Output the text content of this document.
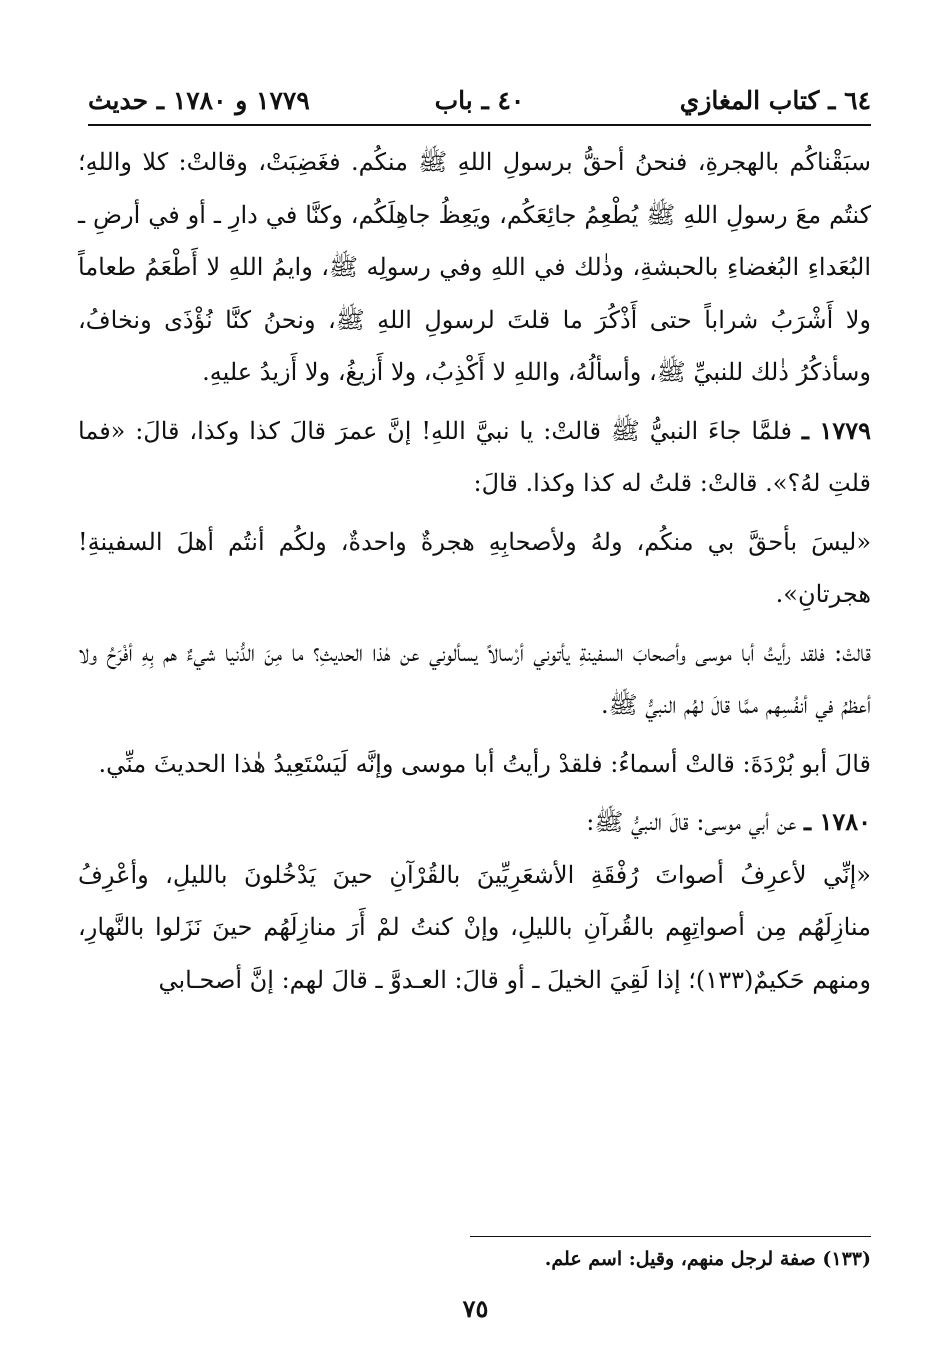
٦٤ ـ كتاب المغازي
٤٠ ـ باب
١٧٧٩ و ١٧٨٠ ـ حديث

سبَقْناكُم بالهجرةِ، فنحنُ أحقُّ برسولِ اللهِ ﷺ منكُم. فغَضِبَتْ، وقالتْ: كلا واللهِ؛ كنتُم معَ رسولِ اللهِ ﷺ يُطْعِمُ جائِعَكُم، ويَعِظُ جاهِلَكُم، وكنَّا في دارِ ـ أو في أرضِ ـ البُعَداءِ البُغضاءِ بالحبشةِ، وذٰلك في اللهِ وفي رسولِه ﷺ، وايمُ اللهِ لا أَطْعَمُ طعاماً ولا أَشْرَبُ شراباً حتى أَذْكُرَ ما قلتَ لرسولِ اللهِ ﷺ، ونحنُ كنَّا نُؤْذَى ونخافُ، وسأذكُرُ ذٰلك للنبيِّ ﷺ، وأسألُهُ، واللهِ لا أَكْذِبُ، ولا أَزيغُ، ولا أَزيدُ عليهِ.

١٧٧٩ ـ فلمَّا جاءَ النبيُّ ﷺ قالتْ: يا نبيَّ اللهِ! إنَّ عمرَ قالَ كذا وكذا، قالَ: «فما قلتِ لهُ؟». قالتْ: قلتُ له كذا وكذا. قالَ:

«ليسَ بأحقَّ بي منكُم، ولهُ ولأصحابِهِ هجرةٌ واحدةٌ، ولكُم أنتُم أهلَ السفينةِ! هجرتانِ».

قالتْ: فلقد رأيتُ أبا موسى وأصحابَ السفينةِ يأتوني أرْسالاً يسألوني عن هٰذا الحديثِ؟ ما مِنَ الدُّنيا شيءٌ هم بِهِ أفْرَحُ ولا أعظمُ في أنفُسِهم ممَّا قالَ لهُم النبيُّ ﷺ.

قالَ أبو بُرْدَةَ: قالتْ أسماءُ: فلقدْ رأيتُ أبا موسى وإنَّه لَيَسْتَعِيدُ هٰذا الحديثَ منِّي.

١٧٨٠ ـ عن أبي موسى: قالَ النبيُّ ﷺ:

«إنِّي لأعرِفُ أصواتَ رُفْقَةِ الأشعَرِيِّينَ بالقُرْآنِ حينَ يَدْخُلونَ بالليلِ، وأعْرِفُ منازِلَهُم مِن أصواتِهِم بالقُرآنِ بالليلِ، وإنْ كنتُ لمْ أَرَ منازِلَهُم حينَ نَزَلوا بالنَّهارِ، ومنهم حَكيمٌ(١٣٣)؛ إذا لَقِيَ الخيلَ ـ أو قالَ: العـدوَّ ـ قالَ لهم: إنَّ أصحـابي

(١٣٣) صفة لرجل منهم، وقيل: اسم علم.
٧٥
